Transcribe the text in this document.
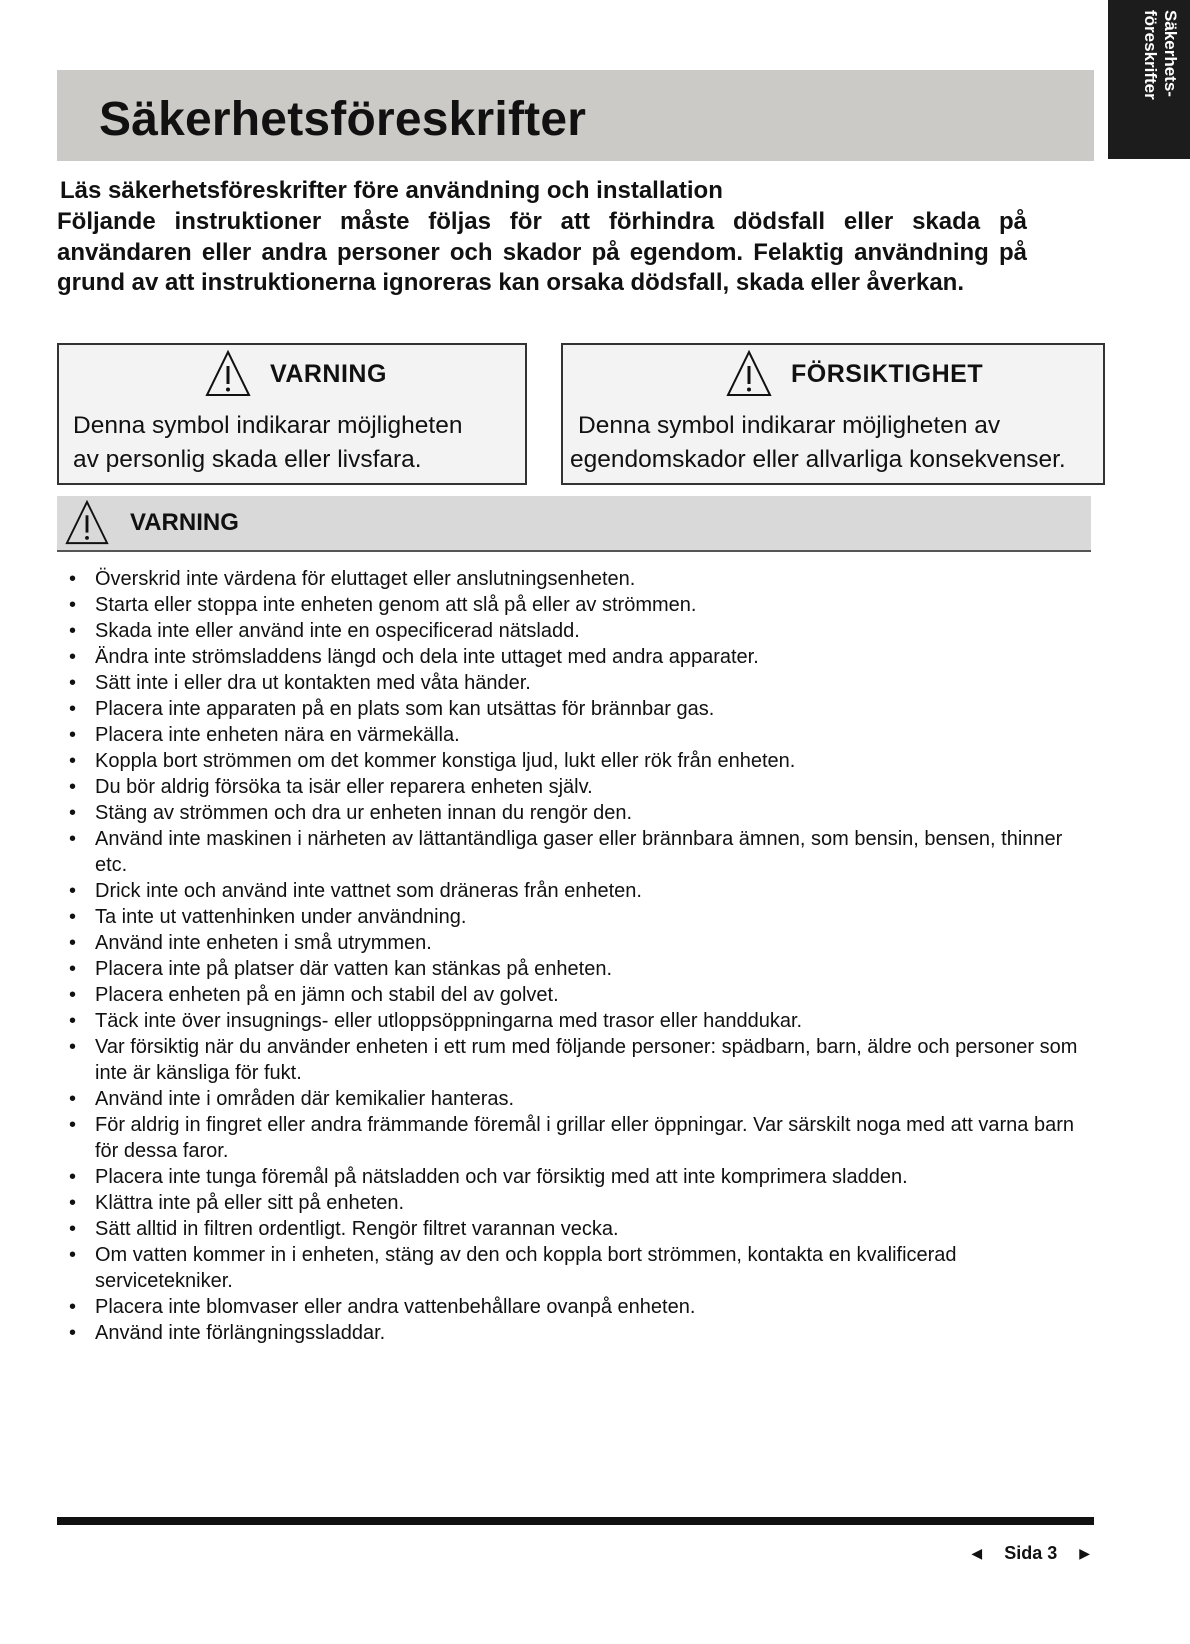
Säkerhets-
föreskrifter
Säkerhetsföreskrifter
Läs säkerhetsföreskrifter före användning och installation

Följande instruktioner måste följas för att förhindra dödsfall eller skada på användaren eller andra personer och skador på egendom. Felaktig användning på grund av att instruktionerna ignoreras kan orsaka dödsfall, skada eller åverkan.

VARNING
Denna symbol indikarar möjligheten
av personlig skada eller livsfara.
FÖRSIKTIGHET
Denna symbol indikarar möjligheten av
egendomskador eller allvarliga konsekvenser.
VARNING
• Överskrid inte värdena för eluttaget eller anslutningsenheten.
• Starta eller stoppa inte enheten genom att slå på eller av strömmen.
• Skada inte eller använd inte en ospecificerad nätsladd.
• Ändra inte strömsladdens längd och dela inte uttaget med andra apparater.
• Sätt inte i eller dra ut kontakten med våta händer.
• Placera inte apparaten på en plats som kan utsättas för brännbar gas.
• Placera inte enheten nära en värmekälla.
• Koppla bort strömmen om det kommer konstiga ljud, lukt eller rök från enheten.
• Du bör aldrig försöka ta isär eller reparera enheten själv.
• Stäng av strömmen och dra ur enheten innan du rengör den.
• Använd inte maskinen i närheten av lättantändliga gaser eller brännbara ämnen, som bensin, bensen, thinner etc.
• Drick inte och använd inte vattnet som dräneras från enheten.
• Ta inte ut vattenhinken under användning.
• Använd inte enheten i små utrymmen.
• Placera inte på platser där vatten kan stänkas på enheten.
• Placera enheten på en jämn och stabil del av golvet.
• Täck inte över insugnings- eller utloppsöppningarna med trasor eller handdukar.
• Var försiktig när du använder enheten i ett rum med följande personer: spädbarn, barn, äldre och personer som inte är känsliga för fukt.
• Använd inte i områden där kemikalier hanteras.
• För aldrig in fingret eller andra främmande föremål i grillar eller öppningar. Var särskilt noga med att varna barn för dessa faror.
• Placera inte tunga föremål på nätsladden och var försiktig med att inte komprimera sladden.
• Klättra inte på eller sitt på enheten.
• Sätt alltid in filtren ordentligt. Rengör filtret varannan vecka.
• Om vatten kommer in i enheten, stäng av den och koppla bort strömmen, kontakta en kvalificerad servicetekniker.
• Placera inte blomvaser eller andra vattenbehållare ovanpå enheten.
• Använd inte förlängningssladdar.
◀ Sida 3 ▶
